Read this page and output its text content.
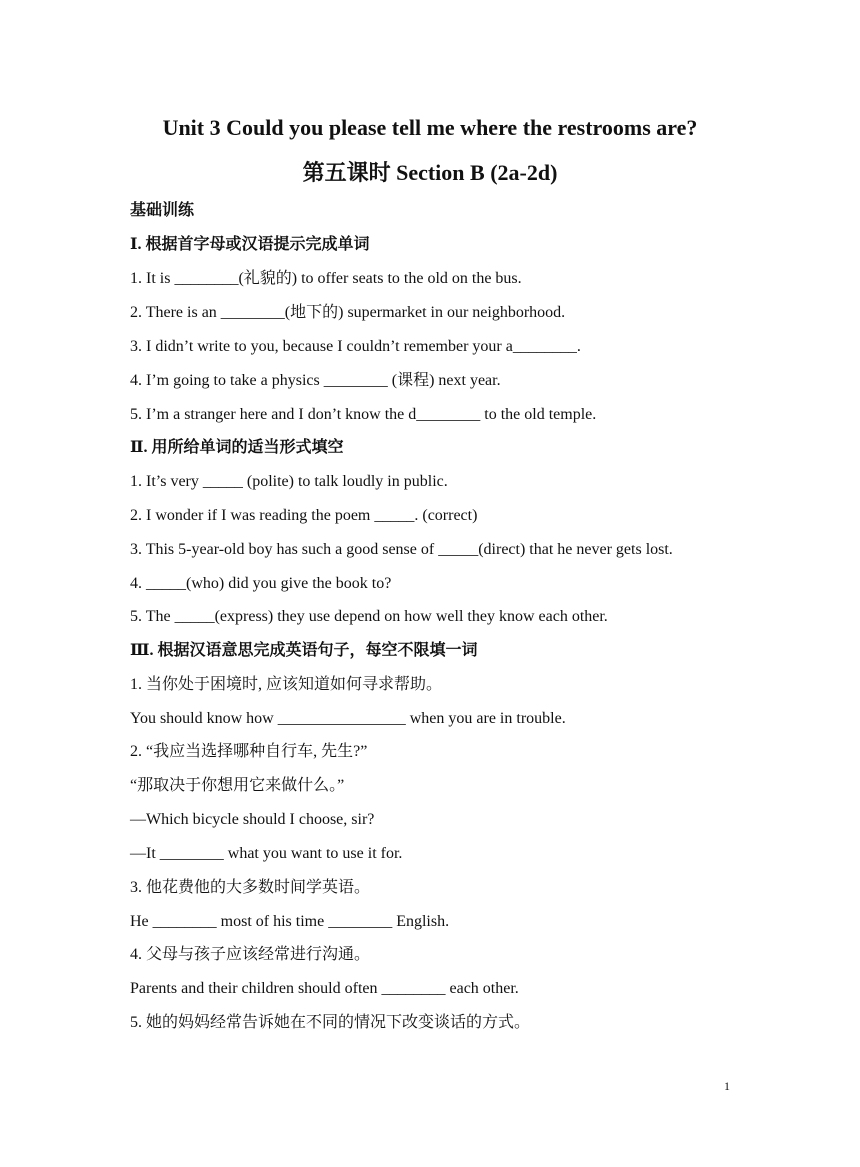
Unit 3 Could you please tell me where the restrooms are?
第五课时 Section B (2a-2d)
基础训练
Ⅰ. 根据首字母或汉语提示完成单词
1. It is ________(礼貌的) to offer seats to the old on the bus.
2. There is an ________(地下的) supermarket in our neighborhood.
3. I didn’t write to you, because I couldn’t remember your a________.
4. I’m going to take a physics ________ (课程) next year.
5. I’m a stranger here and I don’t know the d________ to the old temple.
Ⅱ. 用所给单词的适当形式填空
1. It’s very _____ (polite) to talk loudly in public.
2. I wonder if I was reading the poem _____. (correct)
3. This 5-year-old boy has such a good sense of _____(direct) that he never gets lost.
4. _____(who) did you give the book to?
5. The _____(express) they use depend on how well they know each other.
Ⅲ. 根据汉语意思完成英语句子，每空不限填一词
1. 当你处于困境时, 应该知道如何寻求帮助。
You should know how ________________ when you are in trouble.
2. “我应当选择哪种自行车, 先生?”
“那取决于你想用它来做什么。”
—Which bicycle should I choose, sir?
—It ________ what you want to use it for.
3. 他花费他的大多数时间学英语。
He ________ most of his time ________ English.
4. 父母与孩子应该经常进行沟通。
Parents and their children should often ________ each other.
5. 她的妈妈经常告诉她在不同的情况下改变谈话的方式。
1
